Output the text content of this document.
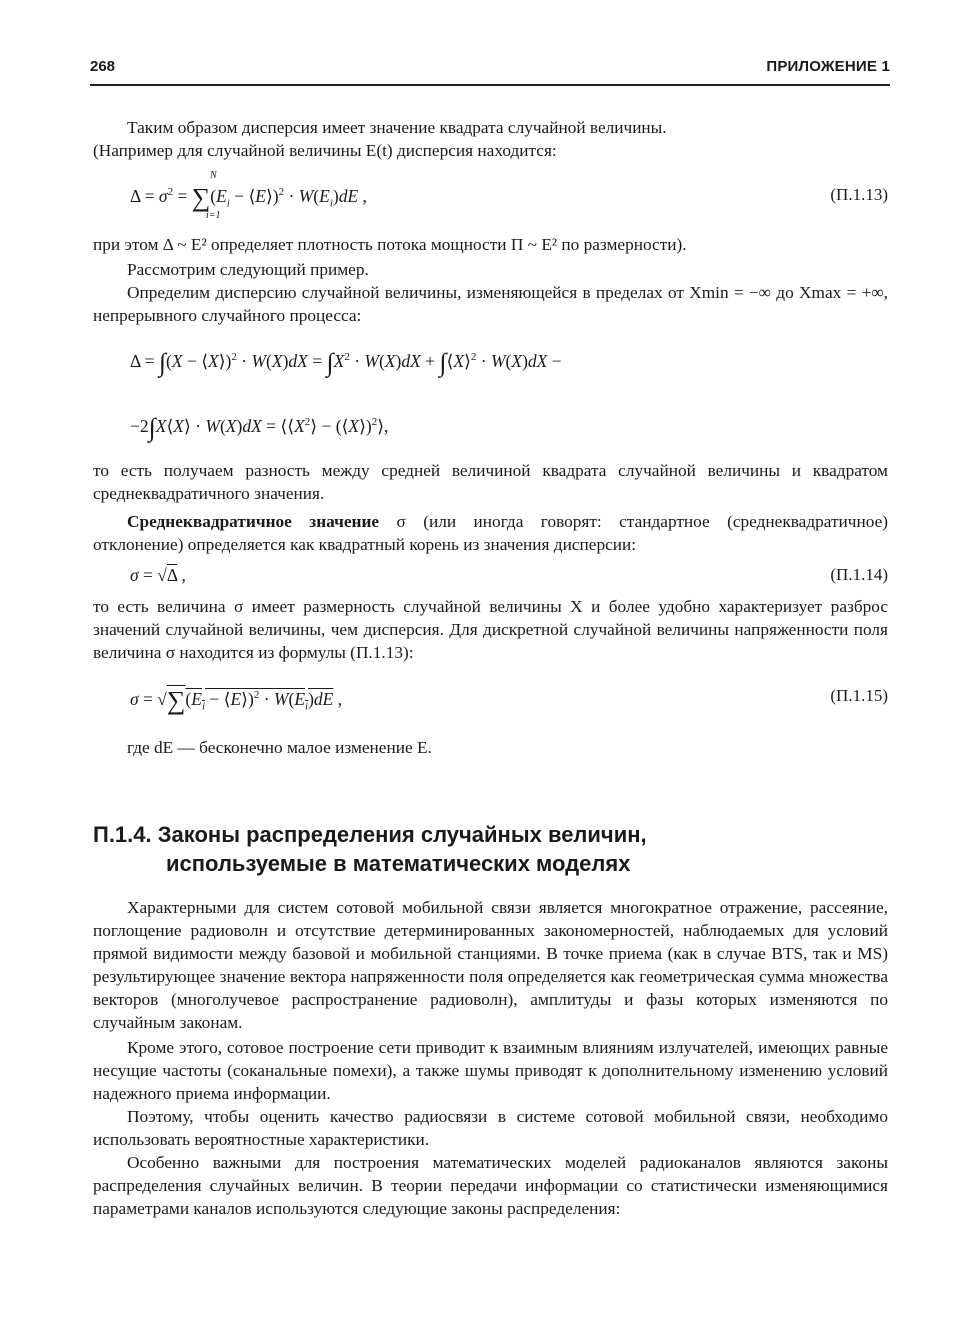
268	ПРИЛОЖЕНИЕ 1

Таким образом дисперсия имеет значение квадрата случайной величины.
(Например для случайной величины E(t) дисперсия находится:

$\Delta = \sigma^2 = \sum(E_i$ − ⟨E⟩)$^2$ · $W(E_i)dE$ ,
N
i=1
(П.1.13)

при этом Δ ~ E² определяет плотность потока мощности П ~ E² по размерности).

Рассмотрим следующий пример.

Определим дисперсию случайной величины, изменяющейся в пределах от Xmin = −∞ до Xmax = +∞, непрерывного случайного процесса:

Δ = ∫(X − ⟨X⟩)$^2$ · $W(X)dX = \int X^2 \cdot W(X)dX$ + ∫⟨X⟩$^2$ · W(X)dX −
−2∫X⟨X⟩ · $W(X)dX = ⟨⟨X^2⟩$ − (⟨X⟩)$^2$⟩,

то есть получаем разность между средней величиной квадрата случайной величины и квадратом среднеквадратичного значения.

Среднеквадратичное значение σ (или иногда говорят: стандартное (среднеквадратичное) отклонение) определяется как квадратный корень из значения дисперсии:

σ = √Δ ,	(П.1.14)

то есть величина σ имеет размерность случайной величины X и более удобно характеризует разброс значений случайной величины, чем дисперсия. Для дискретной случайной величины напряженности поля величина σ находится из формулы (П.1.13):

$\sigma = √\sum(E_i$ − ⟨E⟩)$^2$ · $W(E_i)dE$ ,	(П.1.15)

где dE — бесконечно малое изменение E.

П.1.4. Законы распределения случайных величин,
используемые в математических моделях

Характерными для систем сотовой мобильной связи является многократное отражение, рассеяние, поглощение радиоволн и отсутствие детерминированных закономерностей, наблюдаемых для условий прямой видимости между базовой и мобильной станциями. В точке приема (как в случае BTS, так и MS) результирующее значение вектора напряженности поля определяется как геометрическая сумма множества векторов (многолучевое распространение радиоволн), амплитуды и фазы которых изменяются по случайным законам.

Кроме этого, сотовое построение сети приводит к взаимным влияниям излучателей, имеющих равные несущие частоты (соканальные помехи), а также шумы приводят к дополнительному изменению условий надежного приема информации.

Поэтому, чтобы оценить качество радиосвязи в системе сотовой мобильной связи, необходимо использовать вероятностные характеристики.

Особенно важными для построения математических моделей радиоканалов являются законы распределения случайных величин. В теории передачи информации со статистически изменяющимися параметрами каналов используются следующие законы распределения:
